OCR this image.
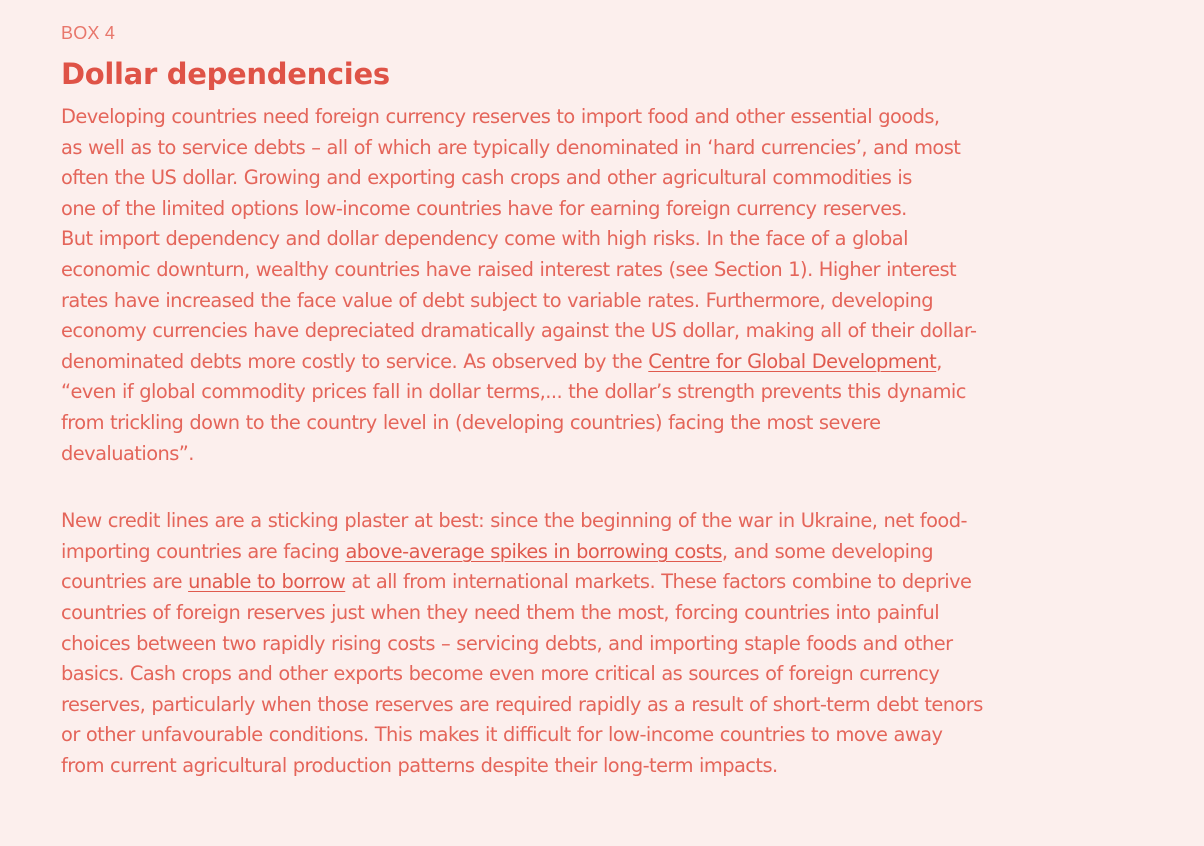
BOX 4

Dollar dependencies

Developing countries need foreign currency reserves to import food and other essential goods,
as well as to service debts – all of which are typically denominated in ‘hard currencies’, and most
often the US dollar. Growing and exporting cash crops and other agricultural commodities is
one of the limited options low-income countries have for earning foreign currency reserves.
But import dependency and dollar dependency come with high risks. In the face of a global
economic downturn, wealthy countries have raised interest rates (see Section 1). Higher interest
rates have increased the face value of debt subject to variable rates. Furthermore, developing
economy currencies have depreciated dramatically against the US dollar, making all of their dollar-
denominated debts more costly to service. As observed by the Centre for Global Development,
“even if global commodity prices fall in dollar terms,... the dollar’s strength prevents this dynamic
from trickling down to the country level in (developing countries) facing the most severe
devaluations”.

New credit lines are a sticking plaster at best: since the beginning of the war in Ukraine, net food-
importing countries are facing above-average spikes in borrowing costs, and some developing
countries are unable to borrow at all from international markets. These factors combine to deprive
countries of foreign reserves just when they need them the most, forcing countries into painful
choices between two rapidly rising costs – servicing debts, and importing staple foods and other
basics. Cash crops and other exports become even more critical as sources of foreign currency
reserves, particularly when those reserves are required rapidly as a result of short-term debt tenors
or other unfavourable conditions. This makes it difficult for low-income countries to move away
from current agricultural production patterns despite their long-term impacts.
